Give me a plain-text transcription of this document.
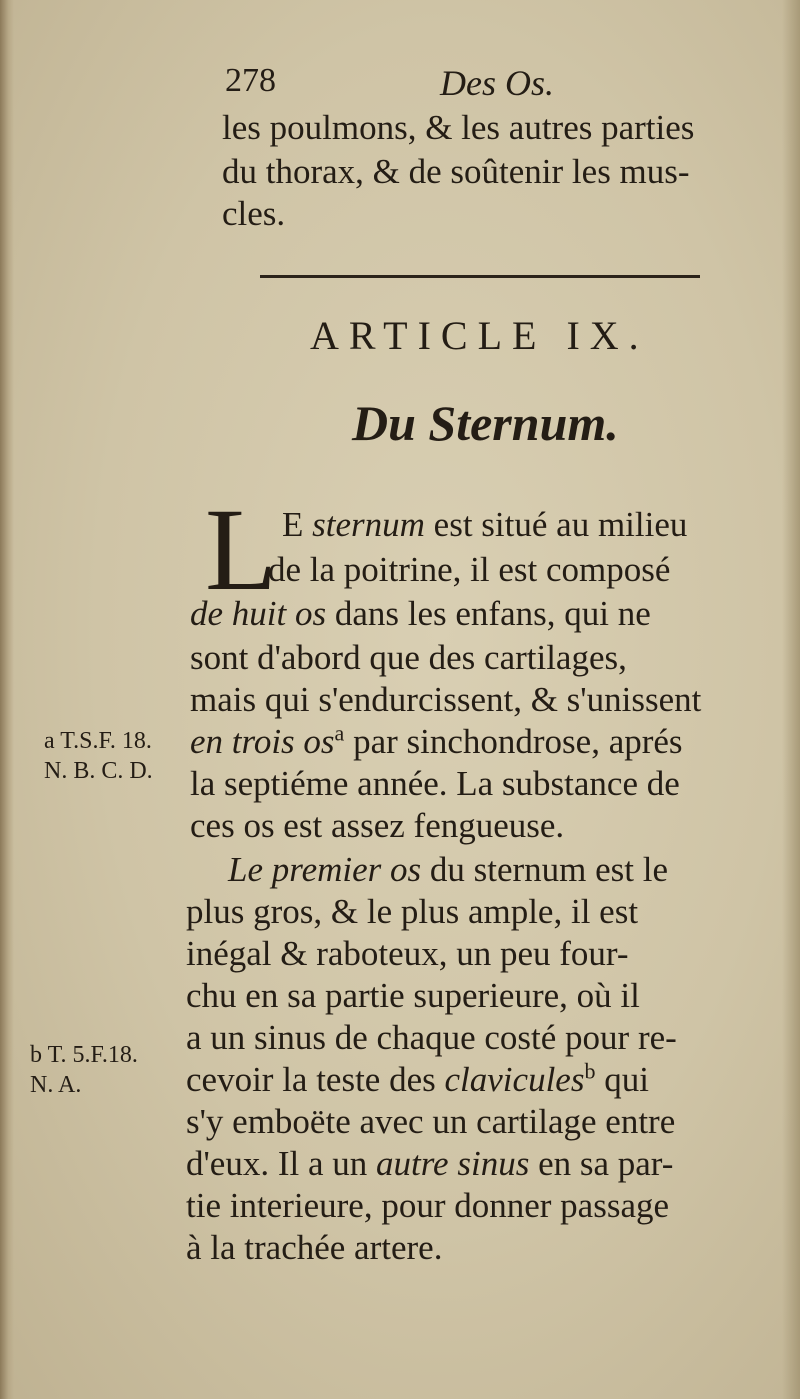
278	Des Os.
les poulmons, & les autres parties
du thorax, & de soûtenir les mus-
cles.
ARTICLE IX.
Du Sternum.
L E sternum est situé au milieu
de la poitrine, il est composé
de huit os dans les enfans, qui ne
sont d'abord que des cartilages,
mais qui s'endurcissent, & s'unissent
en trois $os^a$ par sinchondrose, aprés
la septiéme année. La substance de
ces os est assez fengueuse.
Le premier os du sternum est le
plus gros, & le plus ample, il est
inégal & raboteux, un peu four-
chu en sa partie superieure, où il
a un sinus de chaque costé pour re-
cevoir la teste des clavicules$^b$ qui
s'y emboëte avec un cartilage entre
d'eux. Il a un autre sinus en sa par-
tie interieure, pour donner passage
à la trachée artere.
a T.S.F. 18.
N. B. C. D.
b T. 5.F.18.
N. A.
